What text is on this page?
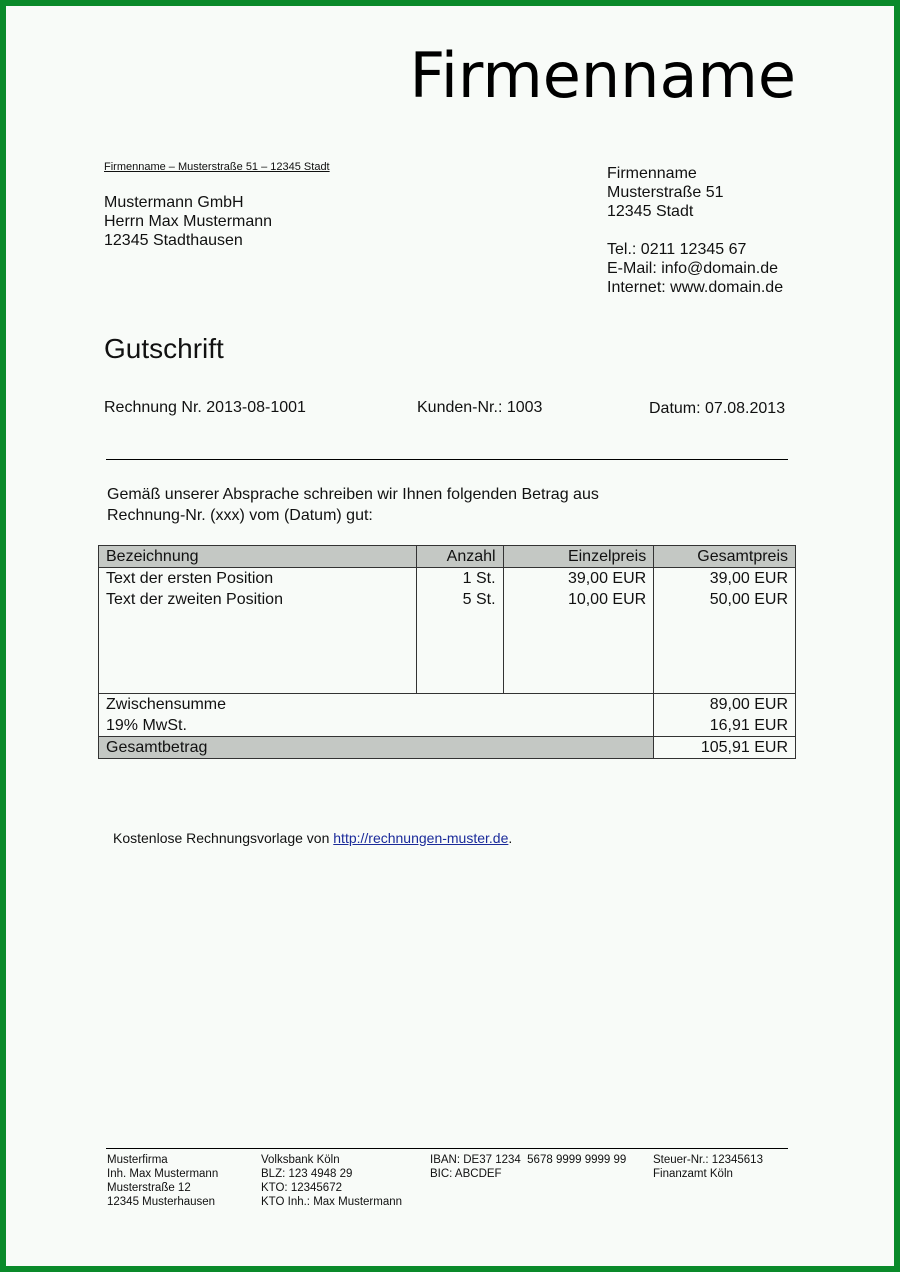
Firmenname
Firmenname – Musterstraße 51 – 12345 Stadt
Mustermann GmbH
Herrn Max Mustermann
12345 Stadthausen
Firmenname
Musterstraße 51
12345 Stadt
Tel.: 0211 12345 67
E-Mail: info@domain.de
Internet: www.domain.de
Gutschrift
Rechnung Nr. 2013-08-1001	Kunden-Nr.: 1003	Datum: 07.08.2013
Gemäß unserer Absprache schreiben wir Ihnen folgenden Betrag aus
Rechnung-Nr. (xxx) vom (Datum) gut:
Bezeichnung	Anzahl	Einzelpreis	Gesamtpreis
Text der ersten Position	1 St.	39,00 EUR	39,00 EUR
Text der zweiten Position	5 St.	10,00 EUR	50,00 EUR

Zwischensumme			89,00 EUR
19% MwSt.			16,91 EUR
Gesamtbetrag			105,91 EUR
Kostenlose Rechnungsvorlage von http://rechnungen-muster.de.
Musterfirma
Inh. Max Mustermann
Musterstraße 12
12345 Musterhausen
Volksbank Köln
BLZ: 123 4948 29
KTO: 12345672
KTO Inh.: Max Mustermann
IBAN: DE37 1234  5678 9999 9999 99
BIC: ABCDEF
Steuer-Nr.: 12345613
Finanzamt Köln
